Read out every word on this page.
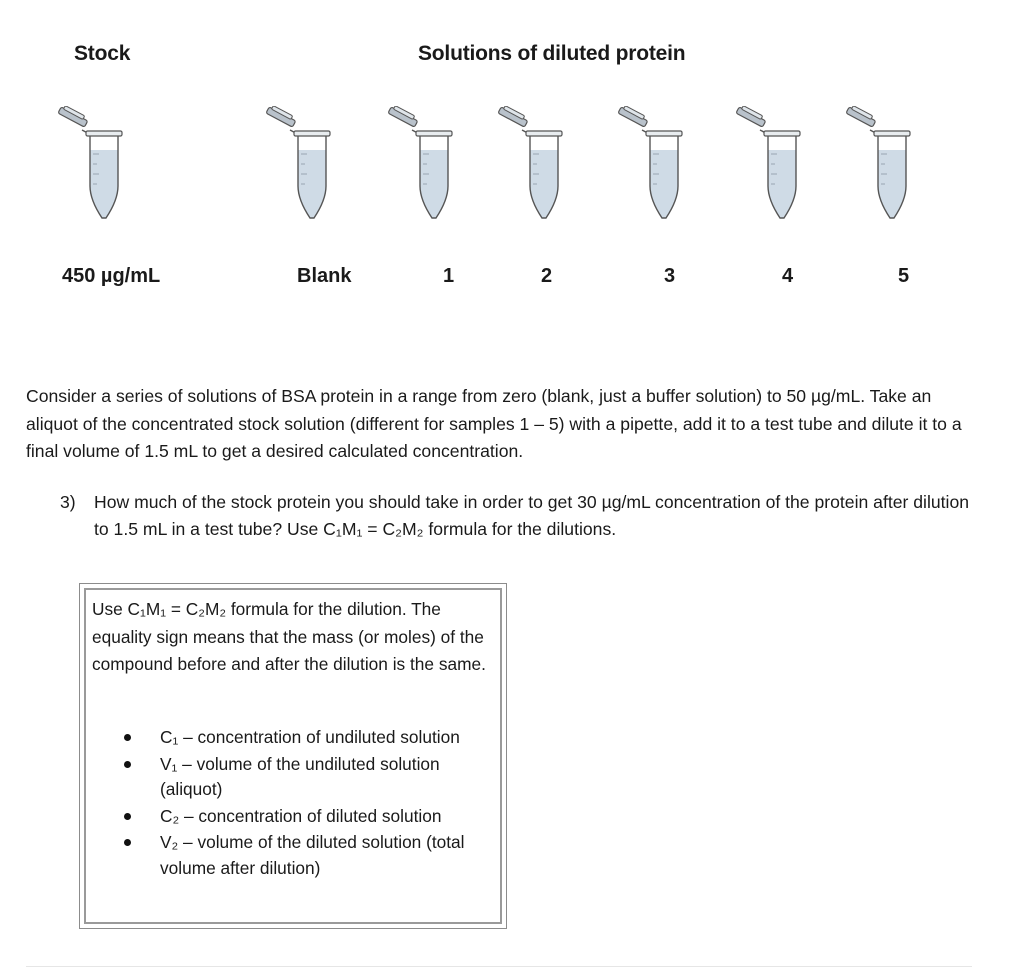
Stock	Solutions of diluted protein
450 µg/mL	Blank	1	2	3	4	5

Consider a series of solutions of BSA protein in a range from zero (blank, just a buffer solution) to 50 µg/mL. Take an aliquot of the concentrated stock solution (different for samples 1 – 5) with a pipette, add it to a test tube and dilute it to a final volume of 1.5 mL to get a desired calculated concentration.

3) How much of the stock protein you should take in order to get 30 µg/mL concentration of the protein after dilution to 1.5 mL in a test tube? Use C₁M₁ = C₂M₂ formula for the dilutions.

Use C₁M₁ = C₂M₂ formula for the dilution. The equality sign means that the mass (or moles) of the compound before and after the dilution is the same.

C₁ – concentration of undiluted solution
V₁ – volume of the undiluted solution (aliquot)
C₂ – concentration of diluted solution
V₂ – volume of the diluted solution (total volume after dilution)
